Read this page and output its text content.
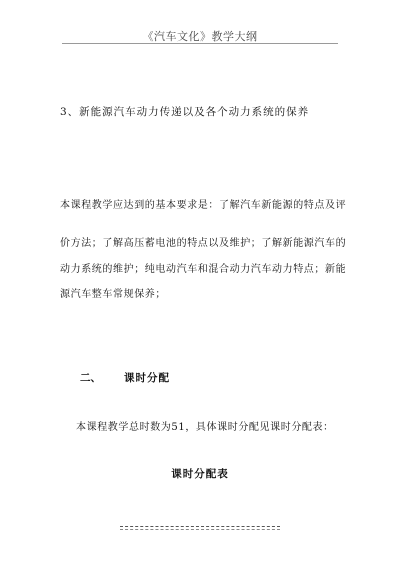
《汽车文化》教学大纲
3、新能源汽车动力传递以及各个动力系统的保养
本课程教学应达到的基本要求是：了解汽车新能源的特点及评
价方法；了解高压蓄电池的特点以及维护；了解新能源汽车的
动力系统的维护；纯电动汽车和混合动力汽车动力特点；新能
源汽车整车常规保养；
二、 课时分配
本课程教学总时数为51，具体课时分配见课时分配表：
课时分配表
